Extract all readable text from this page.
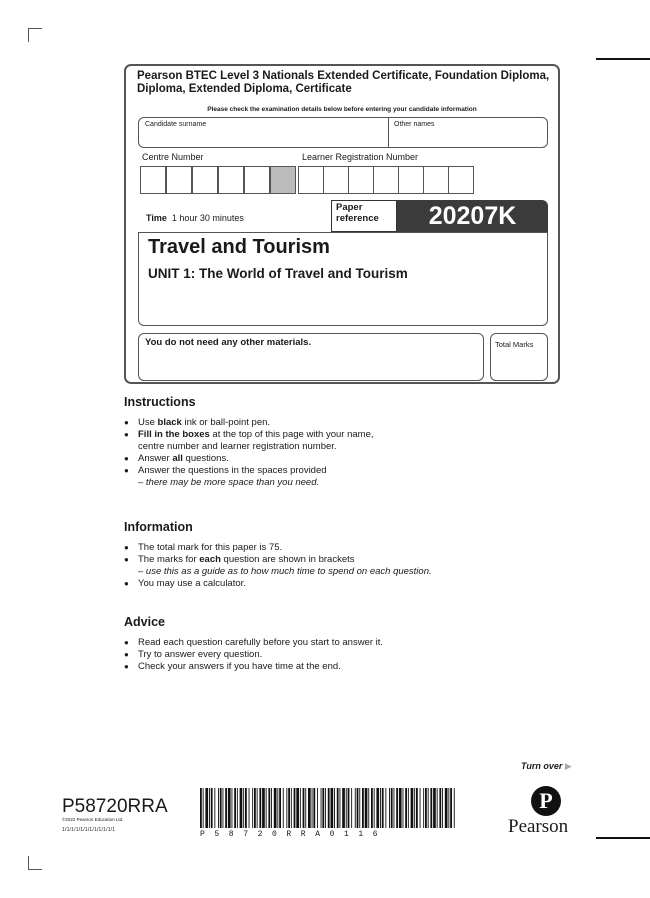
Pearson BTEC Level 3 Nationals Extended Certificate, Foundation Diploma, Diploma, Extended Diploma, Certificate
Please check the examination details below before entering your candidate information
Candidate surname	Other names
Centre Number	Learner Registration Number
Time 1 hour 30 minutes
Paper reference	20207K
Travel and Tourism
UNIT 1: The World of Travel and Tourism
You do not need any other materials.	Total Marks
Instructions
● Use black ink or ball-point pen.
● Fill in the boxes at the top of this page with your name,
centre number and learner registration number.
● Answer all questions.
● Answer the questions in the spaces provided
– there may be more space than you need.
Information
● The total mark for this paper is 75.
● The marks for each question are shown in brackets
– use this as a guide as to how much time to spend on each question.
● You may use a calculator.
Advice
● Read each question carefully before you start to answer it.
● Try to answer every question.
● Check your answers if you have time at the end.
Turn over ▶
P58720RRA
©2022 Pearson Education Ltd.
1/1/1/1/1/1/1/1/1/1/1/1	P58720RRA0116
P
Pearson
